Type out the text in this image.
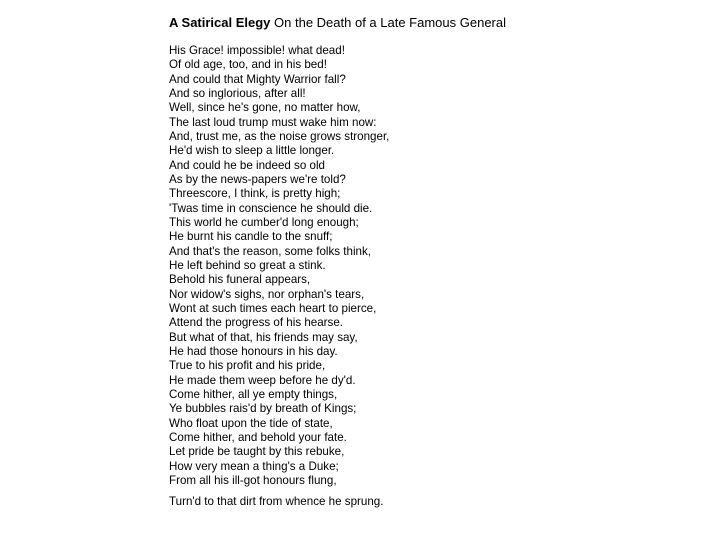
A Satirical Elegy On the Death of a Late Famous General
His Grace! impossible! what dead!
Of old age, too, and in his bed!
And could that Mighty Warrior fall?
And so inglorious, after all!
Well, since he's gone, no matter how,
The last loud trump must wake him now:
And, trust me, as the noise grows stronger,
He'd wish to sleep a little longer.
And could he be indeed so old
As by the news-papers we're told?
Threescore, I think, is pretty high;
'Twas time in conscience he should die.
This world he cumber'd long enough;
He burnt his candle to the snuff;
And that's the reason, some folks think,
He left behind so great a stink.
Behold his funeral appears,
Nor widow's sighs, nor orphan's tears,
Wont at such times each heart to pierce,
Attend the progress of his hearse.
But what of that, his friends may say,
He had those honours in his day.
True to his profit and his pride,
He made them weep before he dy'd.
Come hither, all ye empty things,
Ye bubbles rais'd by breath of Kings;
Who float upon the tide of state,
Come hither, and behold your fate.
Let pride be taught by this rebuke,
How very mean a thing's a Duke;
From all his ill-got honours flung,
Turn'd to that dirt from whence he sprung.
